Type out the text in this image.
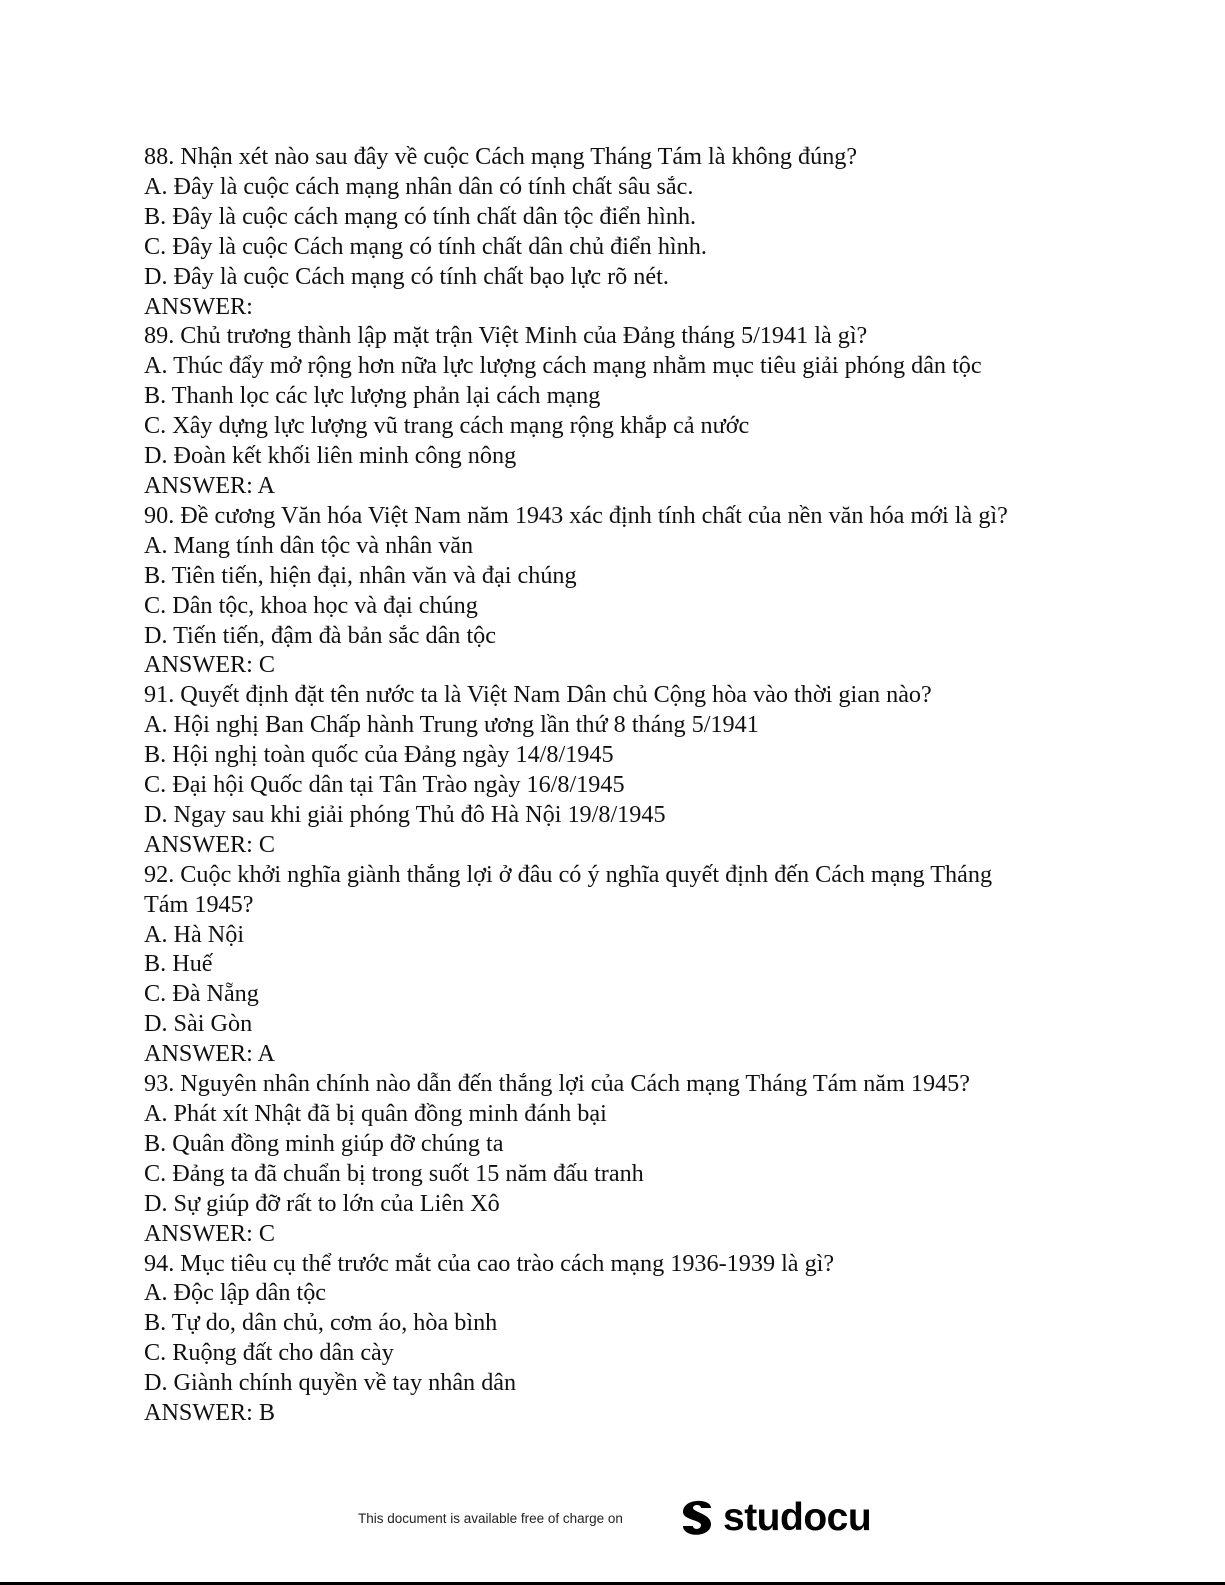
88. Nhận xét nào sau đây về cuộc Cách mạng Tháng Tám là không đúng?
A. Đây là cuộc cách mạng nhân dân có tính chất sâu sắc.
B. Đây là cuộc cách mạng có tính chất dân tộc điển hình.
C. Đây là cuộc Cách mạng có tính chất dân chủ điển hình.
D. Đây là cuộc Cách mạng có tính chất bạo lực rõ nét.
ANSWER:
89. Chủ trương thành lập mặt trận Việt Minh của Đảng tháng 5/1941 là gì?
A. Thúc đẩy mở rộng hơn nữa lực lượng cách mạng nhằm mục tiêu giải phóng dân tộc
B. Thanh lọc các lực lượng phản lại cách mạng
C. Xây dựng lực lượng vũ trang cách mạng rộng khắp cả nước
D. Đoàn kết khối liên minh công nông
ANSWER: A
90. Đề cương Văn hóa Việt Nam năm 1943 xác định tính chất của nền văn hóa mới là gì?
A. Mang tính dân tộc và nhân văn
B. Tiên tiến, hiện đại, nhân văn và đại chúng
C. Dân tộc, khoa học và đại chúng
D. Tiến tiến, đậm đà bản sắc dân tộc
ANSWER: C
91. Quyết định đặt tên nước ta là Việt Nam Dân chủ Cộng hòa vào thời gian nào?
A. Hội nghị Ban Chấp hành Trung ương lần thứ 8 tháng 5/1941
B. Hội nghị toàn quốc của Đảng ngày 14/8/1945
C. Đại hội Quốc dân tại Tân Trào ngày 16/8/1945
D. Ngay sau khi giải phóng Thủ đô Hà Nội 19/8/1945
ANSWER: C
92. Cuộc khởi nghĩa giành thắng lợi ở đâu có ý nghĩa quyết định đến Cách mạng Tháng
Tám 1945?
A. Hà Nội
B. Huế
C. Đà Nẵng
D. Sài Gòn
ANSWER: A
93. Nguyên nhân chính nào dẫn đến thắng lợi của Cách mạng Tháng Tám năm 1945?
A. Phát xít Nhật đã bị quân đồng minh đánh bại
B. Quân đồng minh giúp đỡ chúng ta
C. Đảng ta đã chuẩn bị trong suốt 15 năm đấu tranh
D. Sự giúp đỡ rất to lớn của Liên Xô
ANSWER: C
94. Mục tiêu cụ thể trước mắt của cao trào cách mạng 1936-1939 là gì?
A. Độc lập dân tộc
B. Tự do, dân chủ, cơm áo, hòa bình
C. Ruộng đất cho dân cày
D. Giành chính quyền về tay nhân dân
ANSWER: B
This document is available free of charge on	studocu
